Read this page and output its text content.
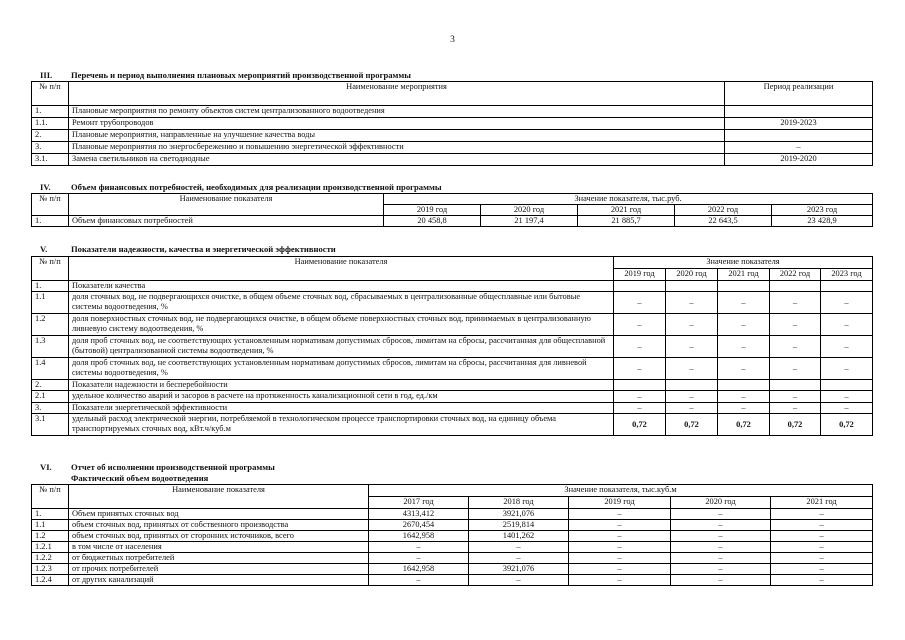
3
III. Перечень и период выполнения плановых мероприятий производственной программы
№ п/п	Наименование мероприятия	Период реализации
1.	Плановые мероприятия по ремонту объектов систем централизованного водоотведения	
1.1.	Ремонт трубопроводов	2019-2023
2.	Плановые мероприятия, направленные на улучшение качества воды	
3.	Плановые мероприятия по энергосбережению и повышению энергетической эффективности	–
3.1.	Замена светильников на светодиодные	2019-2020
IV. Объем финансовых потребностей, необходимых для реализации производственной программы
№ п/п	Наименование показателя	Значение показателя, тыс.руб.				
		2019 год	2020 год	2021 год	2022 год	2023 год
1.	Объем финансовых потребностей	20 458,8	21 197,4	21 885,7	22 643,5	23 428,9
V.	Показатели надежности, качества и энергетической эффективности
№ п/п	Наименование показателя	Значение показателя				
		2019 год	2020 год	2021 год	2022 год	2023 год
1.	Показатели качества					
1.1	доля сточных вод, не подвергающихся очистке, в общем объеме сточных вод, сбрасываемых в централизованные общесплавные или бытовые системы водоотведения, %	–	–	–	–	–
1.2	доля поверхностных сточных вод, не подвергающихся очистке, в общем объеме поверхностных сточных вод, принимаемых в централизованную ливневую систему водоотведения, %	–	–	–	–	–
1.3	доля проб сточных вод, не соответствующих установленным нормативам допустимых сбросов, лимитам на сбросы, рассчитанная для общесплавной (бытовой) централизованной системы водоотведения, %	–	–	–	–	–
1.4	доля проб сточных вод, не соответствующих установленным нормативам допустимых сбросов, лимитам на сбросы, рассчитанная для ливневой системы водоотведения, %	–	–	–	–	–
2.	Показатели надежности и бесперебойности					
2.1	удельное количество аварий и засоров в расчете на протяженность канализационной сети в год, ед./км	–	–	–	–	–
3.	Показатели энергетической эффективности	–	–	–	–	–
3.1	удельный расход электрической энергии, потребляемой в технологическом процессе транспортировки сточных вод, на единицу объема транспортируемых сточных вод, кВт.ч/куб.м	0,72	0,72	0,72	0,72	0,72
VI. Отчет об исполнении производственной программы
Фактический объем водоотведения
№ п/п	Наименование показателя	Значение показателя, тыс.куб.м				
		2017 год	2018 год	2019 год	2020 год	2021 год
1.	Объем принятых сточных вод	4313,412	3921,076	–	–	–
1.1	объем сточных вод, принятых от собственного производства	2670,454	2519,814	–	–	–
1.2	объем сточных вод, принятых от сторонних источников, всего	1642,958	1401,262	–	–	–
1.2.1	в том числе от населения	–	–	–	–	–
1.2.2	от бюджетных потребителей	–	–	–	–	–
1.2.3	от прочих потребителей	1642,958	3921,076	–	–	–
1.2.4	от других канализаций	–	–	–	–	–
